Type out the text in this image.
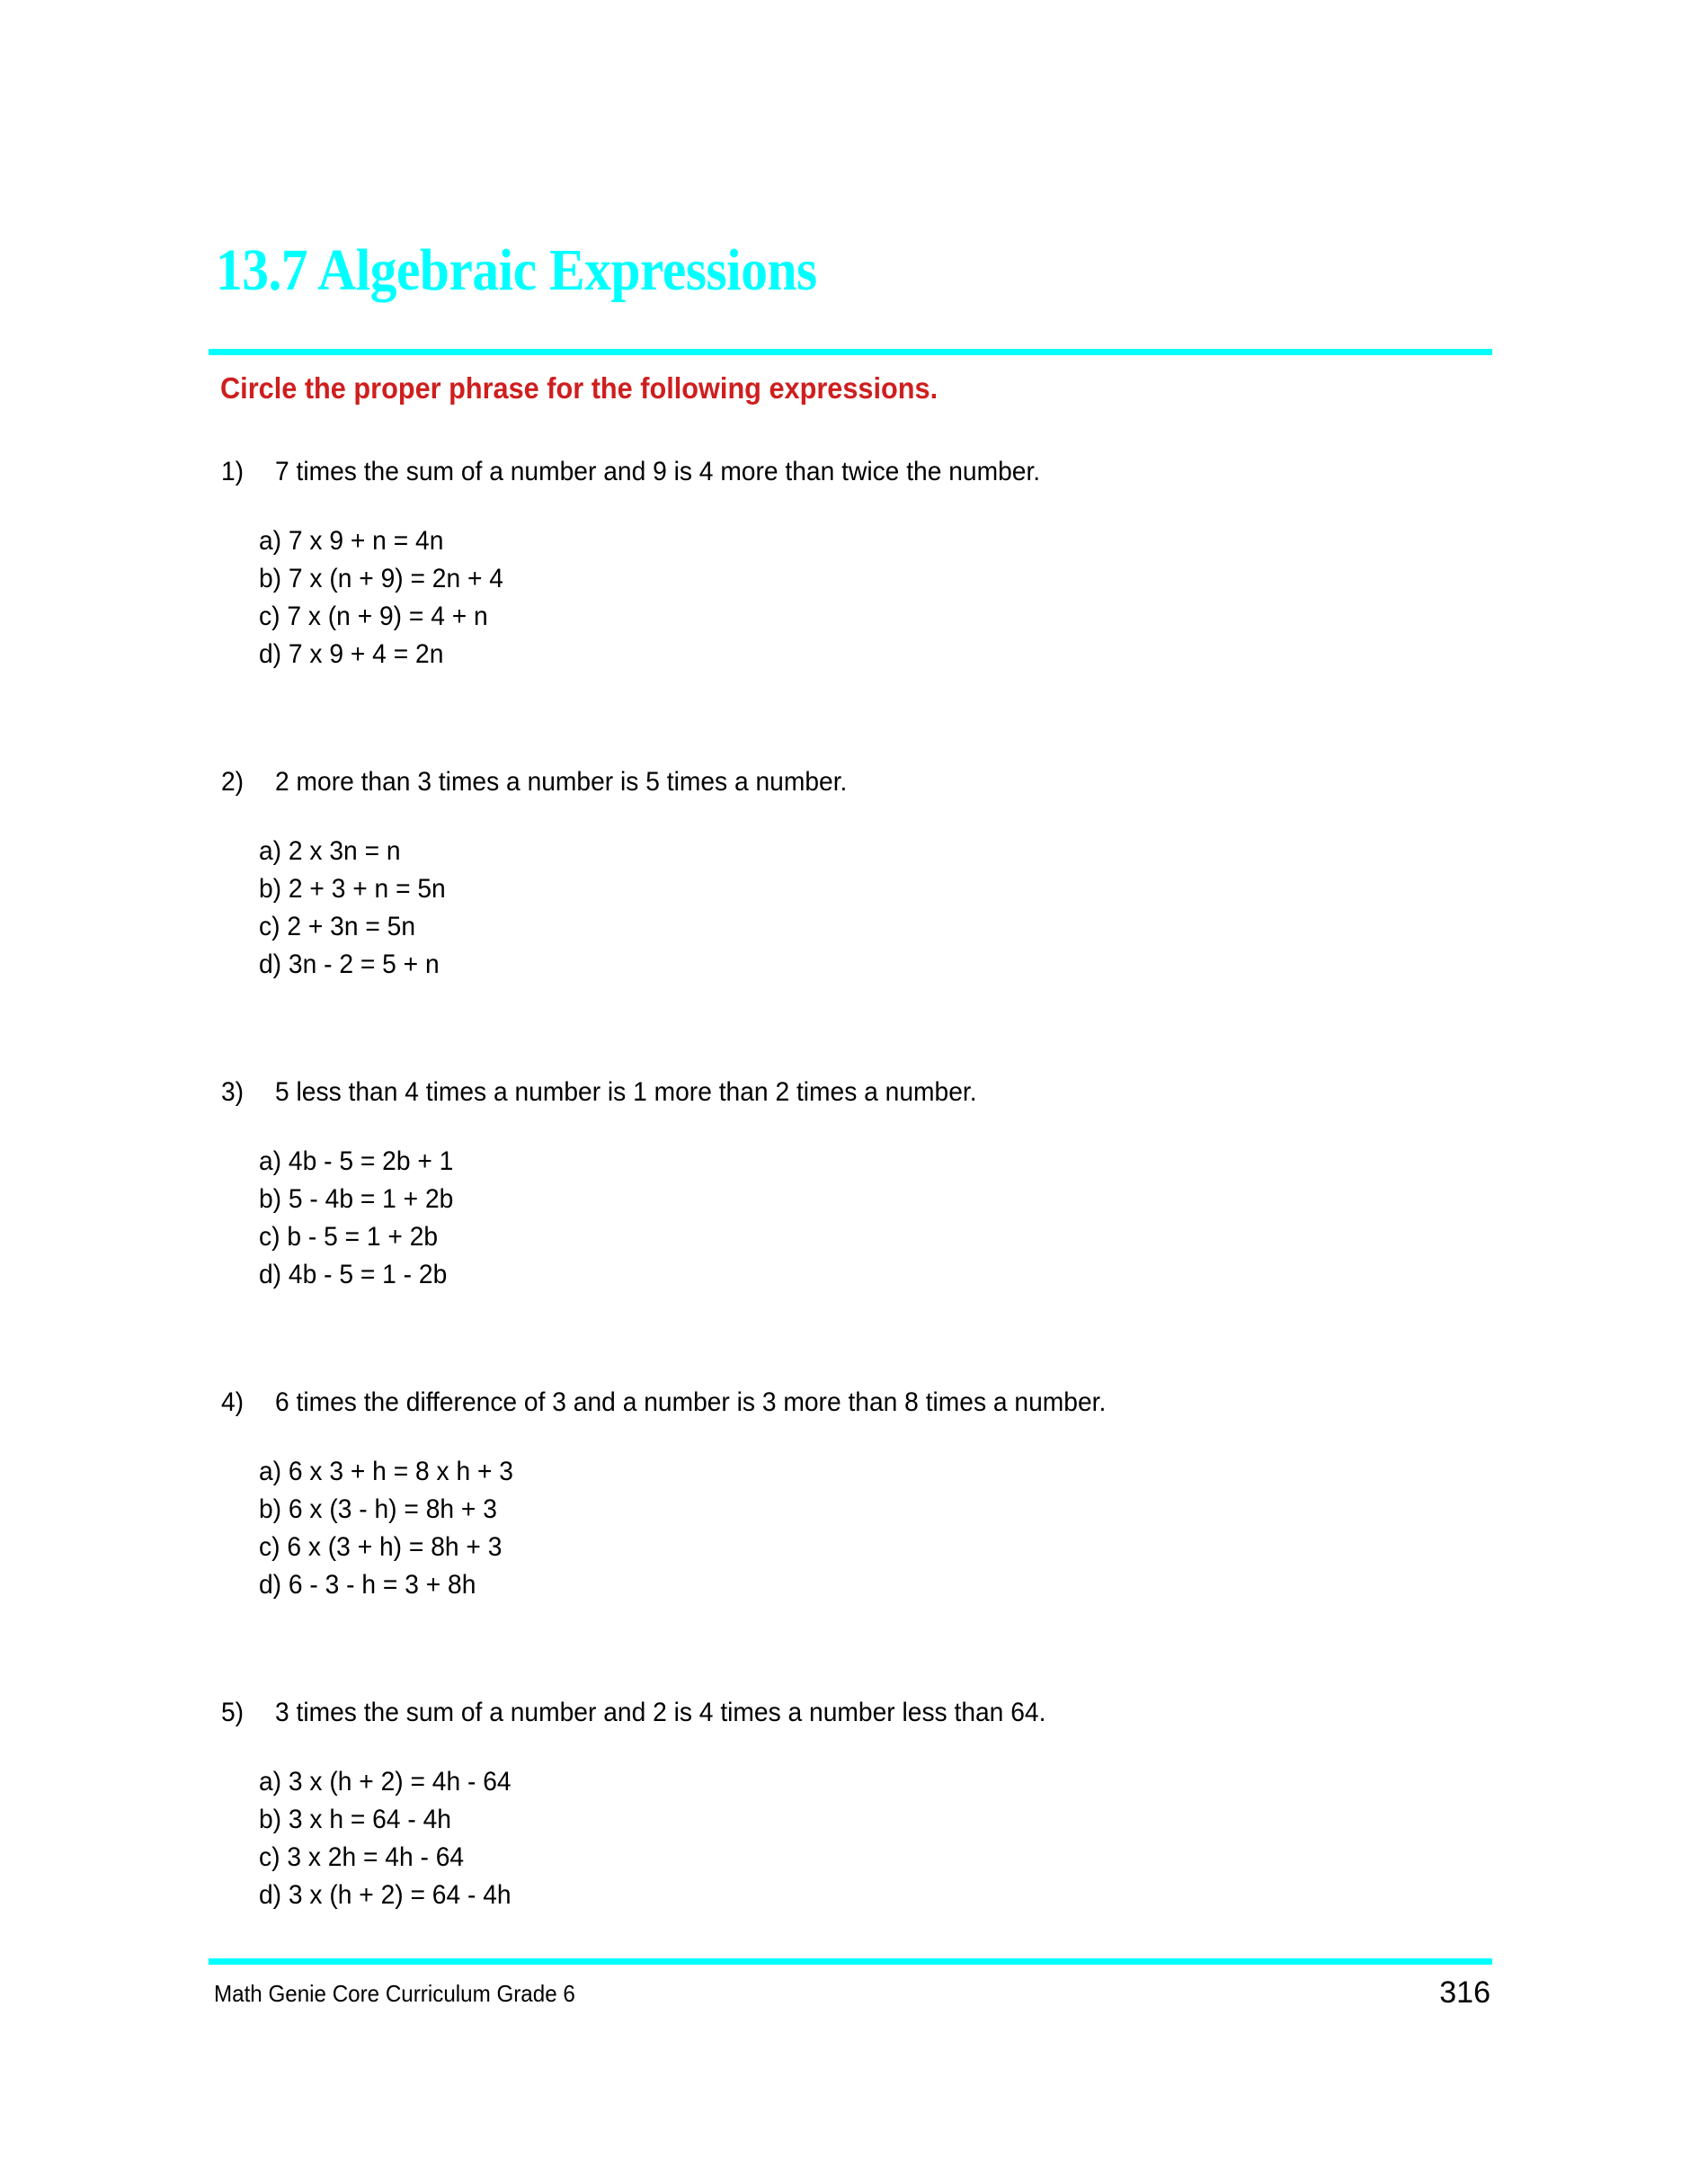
13.7 Algebraic Expressions
Circle the proper phrase for the following expressions.
1) 7 times the sum of a number and 9 is 4 more than twice the number.
a) 7 x 9 + n = 4n
b) 7 x (n + 9) = 2n + 4
c) 7 x (n + 9) = 4 + n
d) 7 x 9 + 4 = 2n
2) 2 more than 3 times a number is 5 times a number.
a) 2 x 3n = n
b) 2 + 3 + n = 5n
c) 2 + 3n = 5n
d) 3n - 2 = 5 + n
3) 5 less than 4 times a number is 1 more than 2 times a number.
a) 4b - 5 = 2b + 1
b) 5 - 4b = 1 + 2b
c) b - 5 = 1 + 2b
d) 4b - 5 = 1 - 2b
4) 6 times the difference of 3 and a number is 3 more than 8 times a number.
a) 6 x 3 + h = 8 x h + 3
b) 6 x (3 - h) = 8h + 3
c) 6 x (3 + h) = 8h + 3
d) 6 - 3 - h = 3 + 8h
5) 3 times the sum of a number and 2 is 4 times a number less than 64.
a) 3 x (h + 2) = 4h - 64
b) 3 x h = 64 - 4h
c) 3 x 2h = 4h - 64
d) 3 x (h + 2) = 64 - 4h
Math Genie Core Curriculum Grade 6	316
